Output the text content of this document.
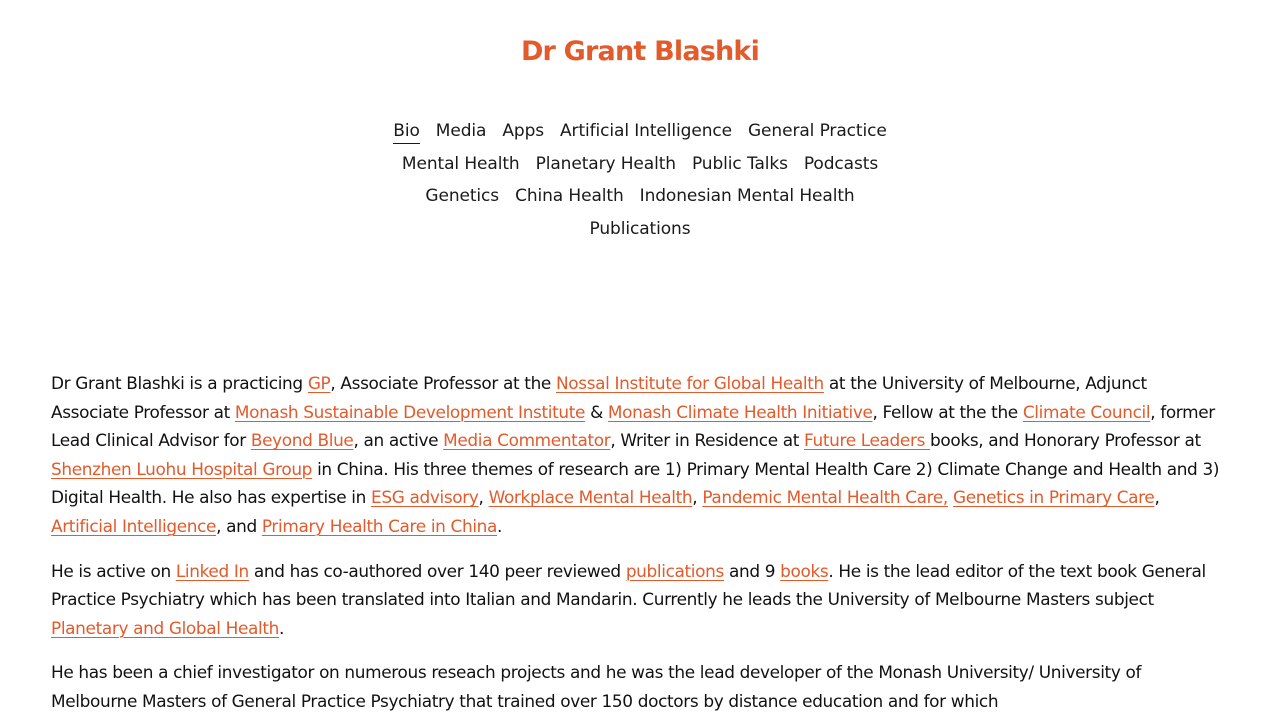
Dr Grant Blashki
Bio Media Apps Artificial Intelligence General Practice
Mental Health Planetary Health Public Talks Podcasts
Genetics China Health Indonesian Mental Health
Publications

Dr Grant Blashki is a practicing GP, Associate Professor at the Nossal Institute for Global Health at the University of Melbourne, Adjunct Associate Professor at Monash Sustainable Development Institute & Monash Climate Health Initiative, Fellow at the the Climate Council, former Lead Clinical Advisor for Beyond Blue, an active Media Commentator, Writer in Residence at Future Leaders books, and Honorary Professor at Shenzhen Luohu Hospital Group in China. His three themes of research are 1) Primary Mental Health Care 2) Climate Change and Health and 3) Digital Health. He also has expertise in ESG advisory, Workplace Mental Health, Pandemic Mental Health Care, Genetics in Primary Care, Artificial Intelligence, and Primary Health Care in China.

He is active on Linked In and has co-authored over 140 peer reviewed publications and 9 books. He is the lead editor of the text book General Practice Psychiatry which has been translated into Italian and Mandarin. Currently he leads the University of Melbourne Masters subject Planetary and Global Health.

He has been a chief investigator on numerous reseach projects and he was the lead developer of the Monash University/ University of Melbourne Masters of General Practice Psychiatry that trained over 150 doctors by distance education and for which
